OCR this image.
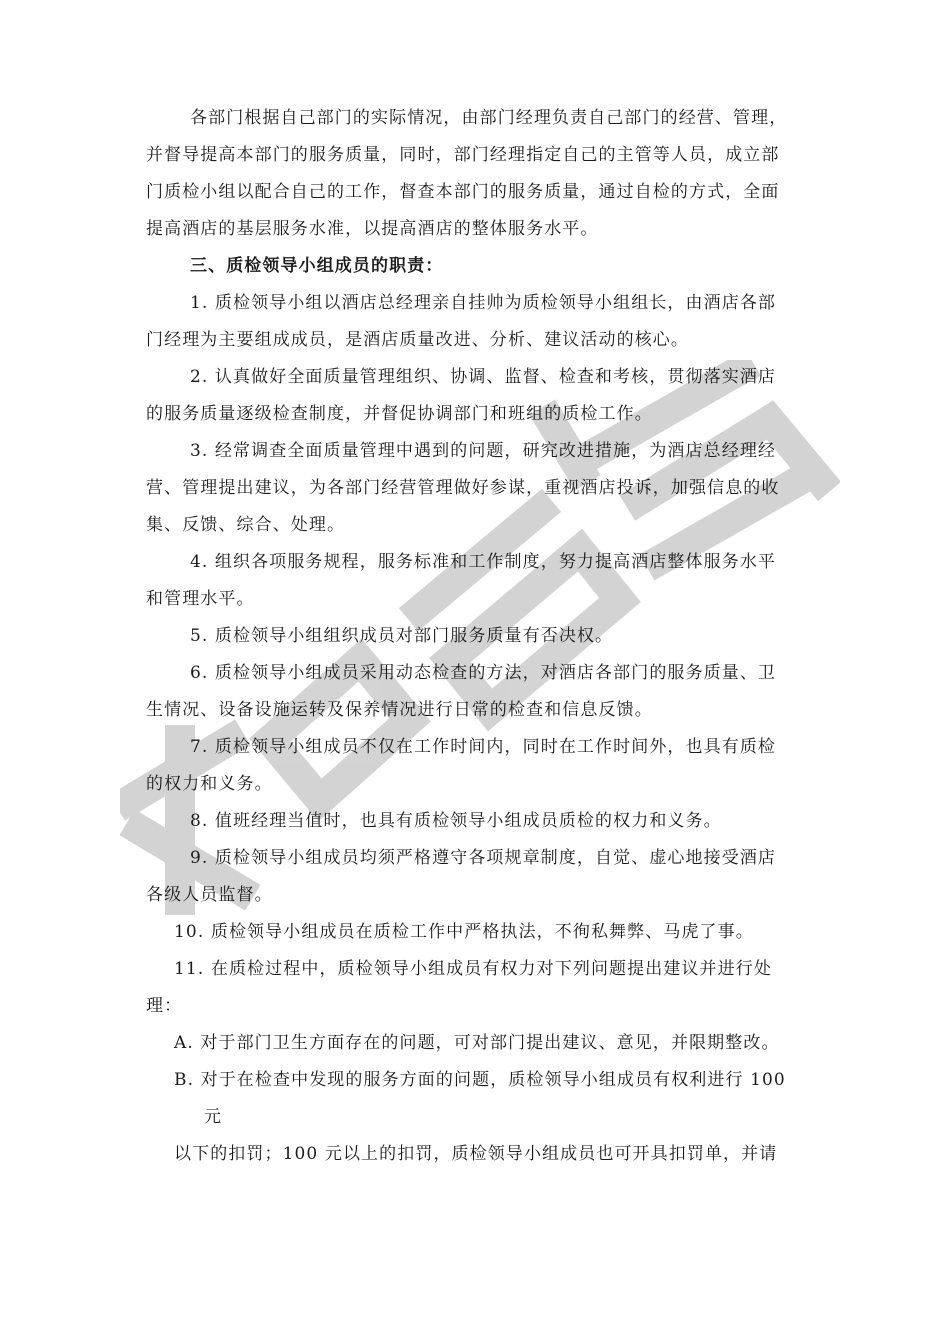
各部门根据自己部门的实际情况，由部门经理负责自己部门的经营、管理，
并督导提高本部门的服务质量，同时，部门经理指定自己的主管等人员，成立部
门质检小组以配合自己的工作，督查本部门的服务质量，通过自检的方式，全面
提高酒店的基层服务水准，以提高酒店的整体服务水平。
三、质检领导小组成员的职责：
1. 质检领导小组以酒店总经理亲自挂帅为质检领导小组组长，由酒店各部
门经理为主要组成成员，是酒店质量改进、分析、建议活动的核心。
2. 认真做好全面质量管理组织、协调、监督、检查和考核，贯彻落实酒店
的服务质量逐级检查制度，并督促协调部门和班组的质检工作。
3. 经常调查全面质量管理中遇到的问题，研究改进措施，为酒店总经理经
营、管理提出建议，为各部门经营管理做好参谋，重视酒店投诉，加强信息的收
集、反馈、综合、处理。
4. 组织各项服务规程，服务标准和工作制度，努力提高酒店整体服务水平
和管理水平。
5. 质检领导小组组织成员对部门服务质量有否决权。
6. 质检领导小组成员采用动态检查的方法，对酒店各部门的服务质量、卫
生情况、设备设施运转及保养情况进行日常的检查和信息反馈。
7. 质检领导小组成员不仅在工作时间内，同时在工作时间外，也具有质检
的权力和义务。
8. 值班经理当值时，也具有质检领导小组成员质检的权力和义务。
9. 质检领导小组成员均须严格遵守各项规章制度，自觉、虚心地接受酒店
各级人员监督。
10. 质检领导小组成员在质检工作中严格执法，不徇私舞弊、马虎了事。
11. 在质检过程中，质检领导小组成员有权力对下列问题提出建议并进行处
理：
A. 对于部门卫生方面存在的问题，可对部门提出建议、意见，并限期整改。
B. 对于在检查中发现的服务方面的问题，质检领导小组成员有权利进行 100
元
以下的扣罚；100 元以上的扣罚，质检领导小组成员也可开具扣罚单，并请
